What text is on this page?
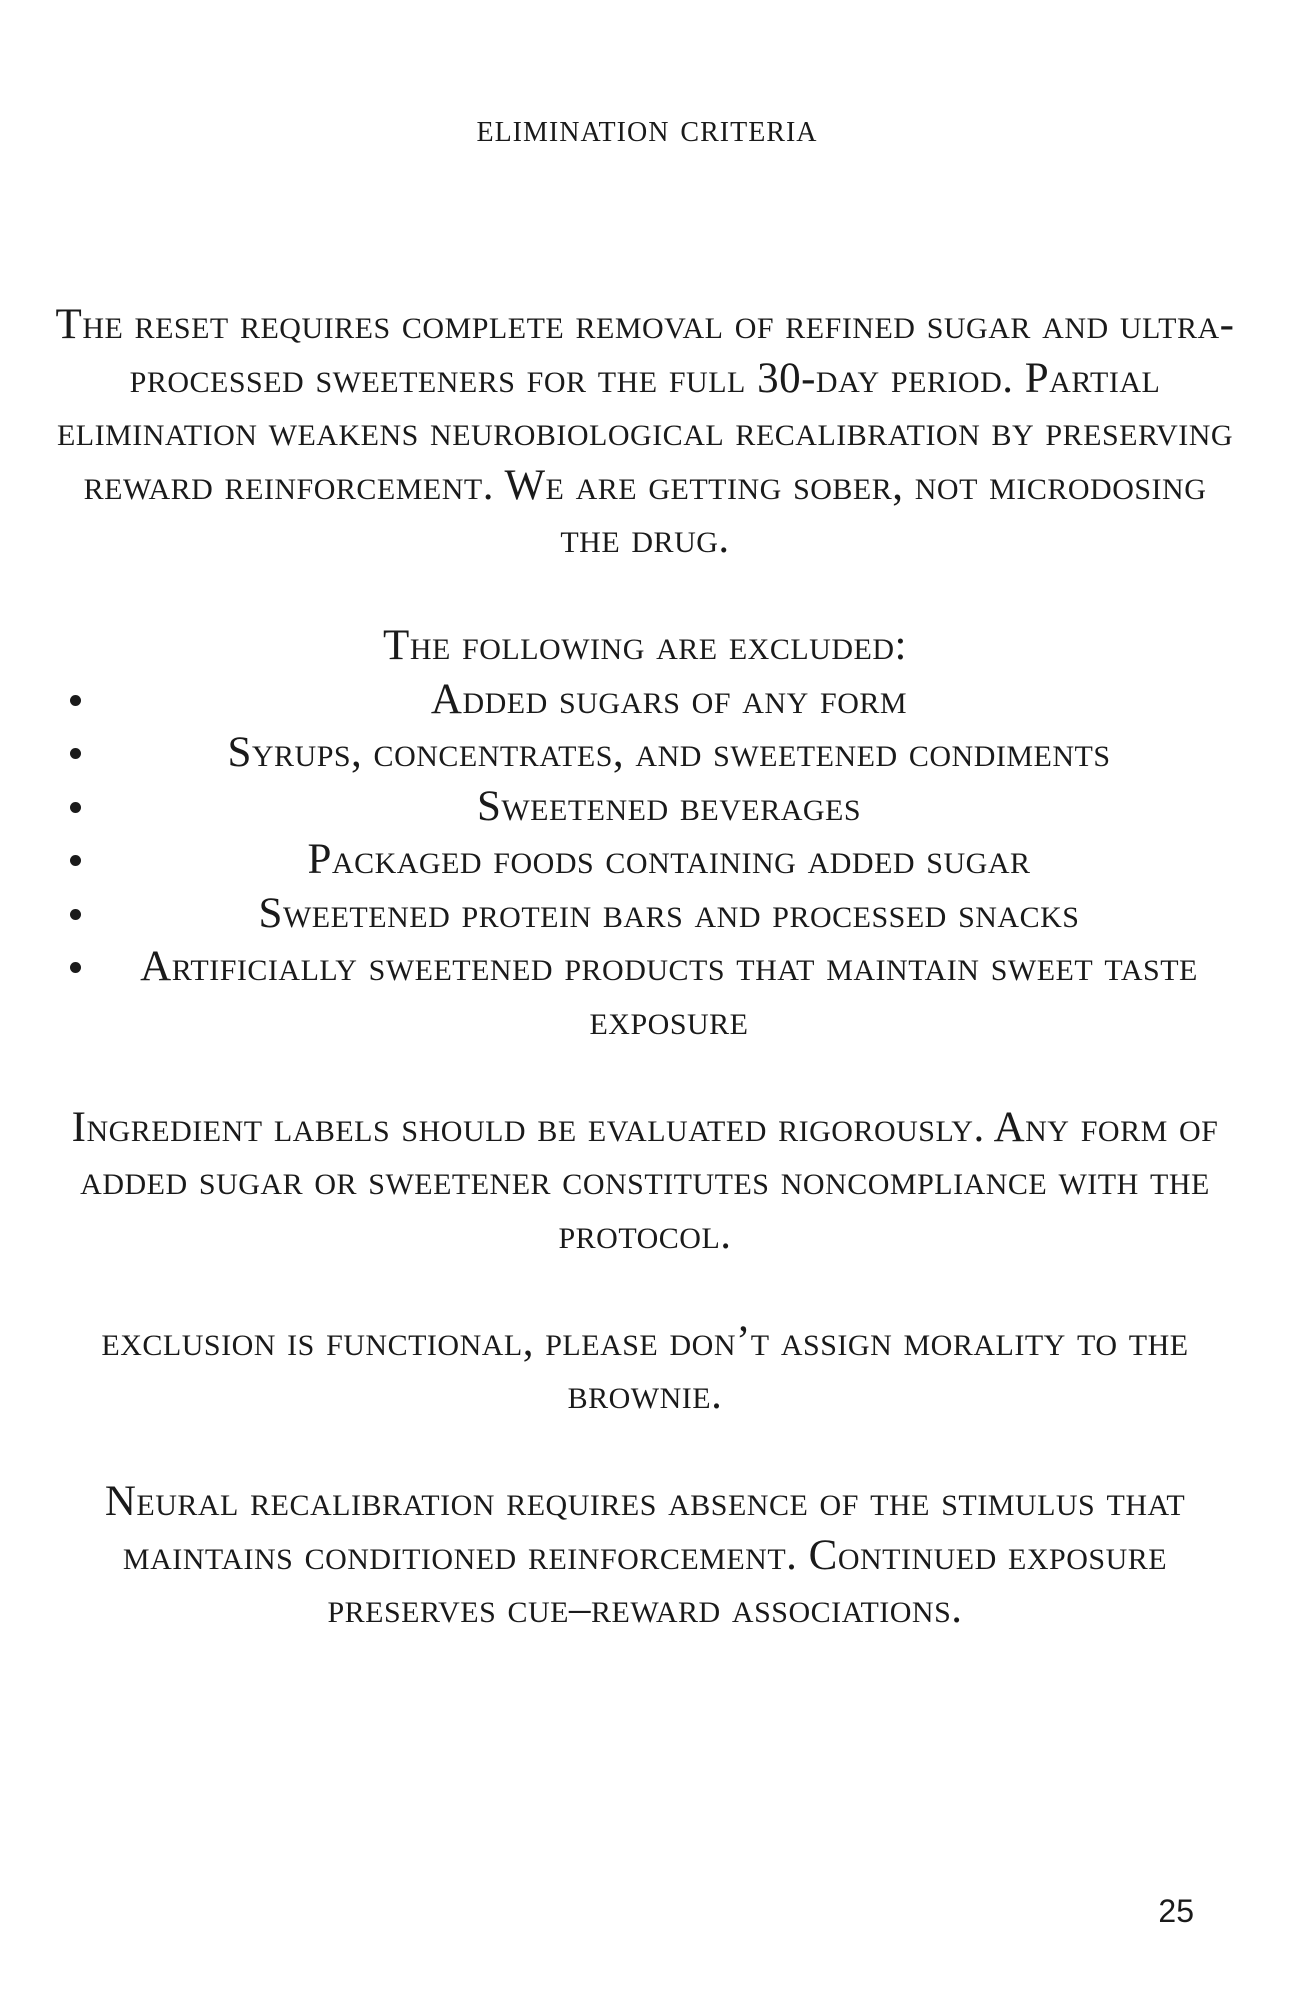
elimination criteria

The reset requires complete removal of refined sugar and ultra-processed sweeteners for the full 30-day period. Partial elimination weakens neurobiological recalibration by preserving reward reinforcement. We are getting sober, not microdosing the drug.

The following are excluded:

Added sugars of any form
Syrups, concentrates, and sweetened condiments
Sweetened beverages
Packaged foods containing added sugar
Sweetened protein bars and processed snacks
Artificially sweetened products that maintain sweet taste exposure

Ingredient labels should be evaluated rigorously. Any form of added sugar or sweetener constitutes noncompliance with the protocol.

exclusion is functional, please don’t assign morality to the brownie.

Neural recalibration requires absence of the stimulus that maintains conditioned reinforcement. Continued exposure preserves cue–reward associations.

25
